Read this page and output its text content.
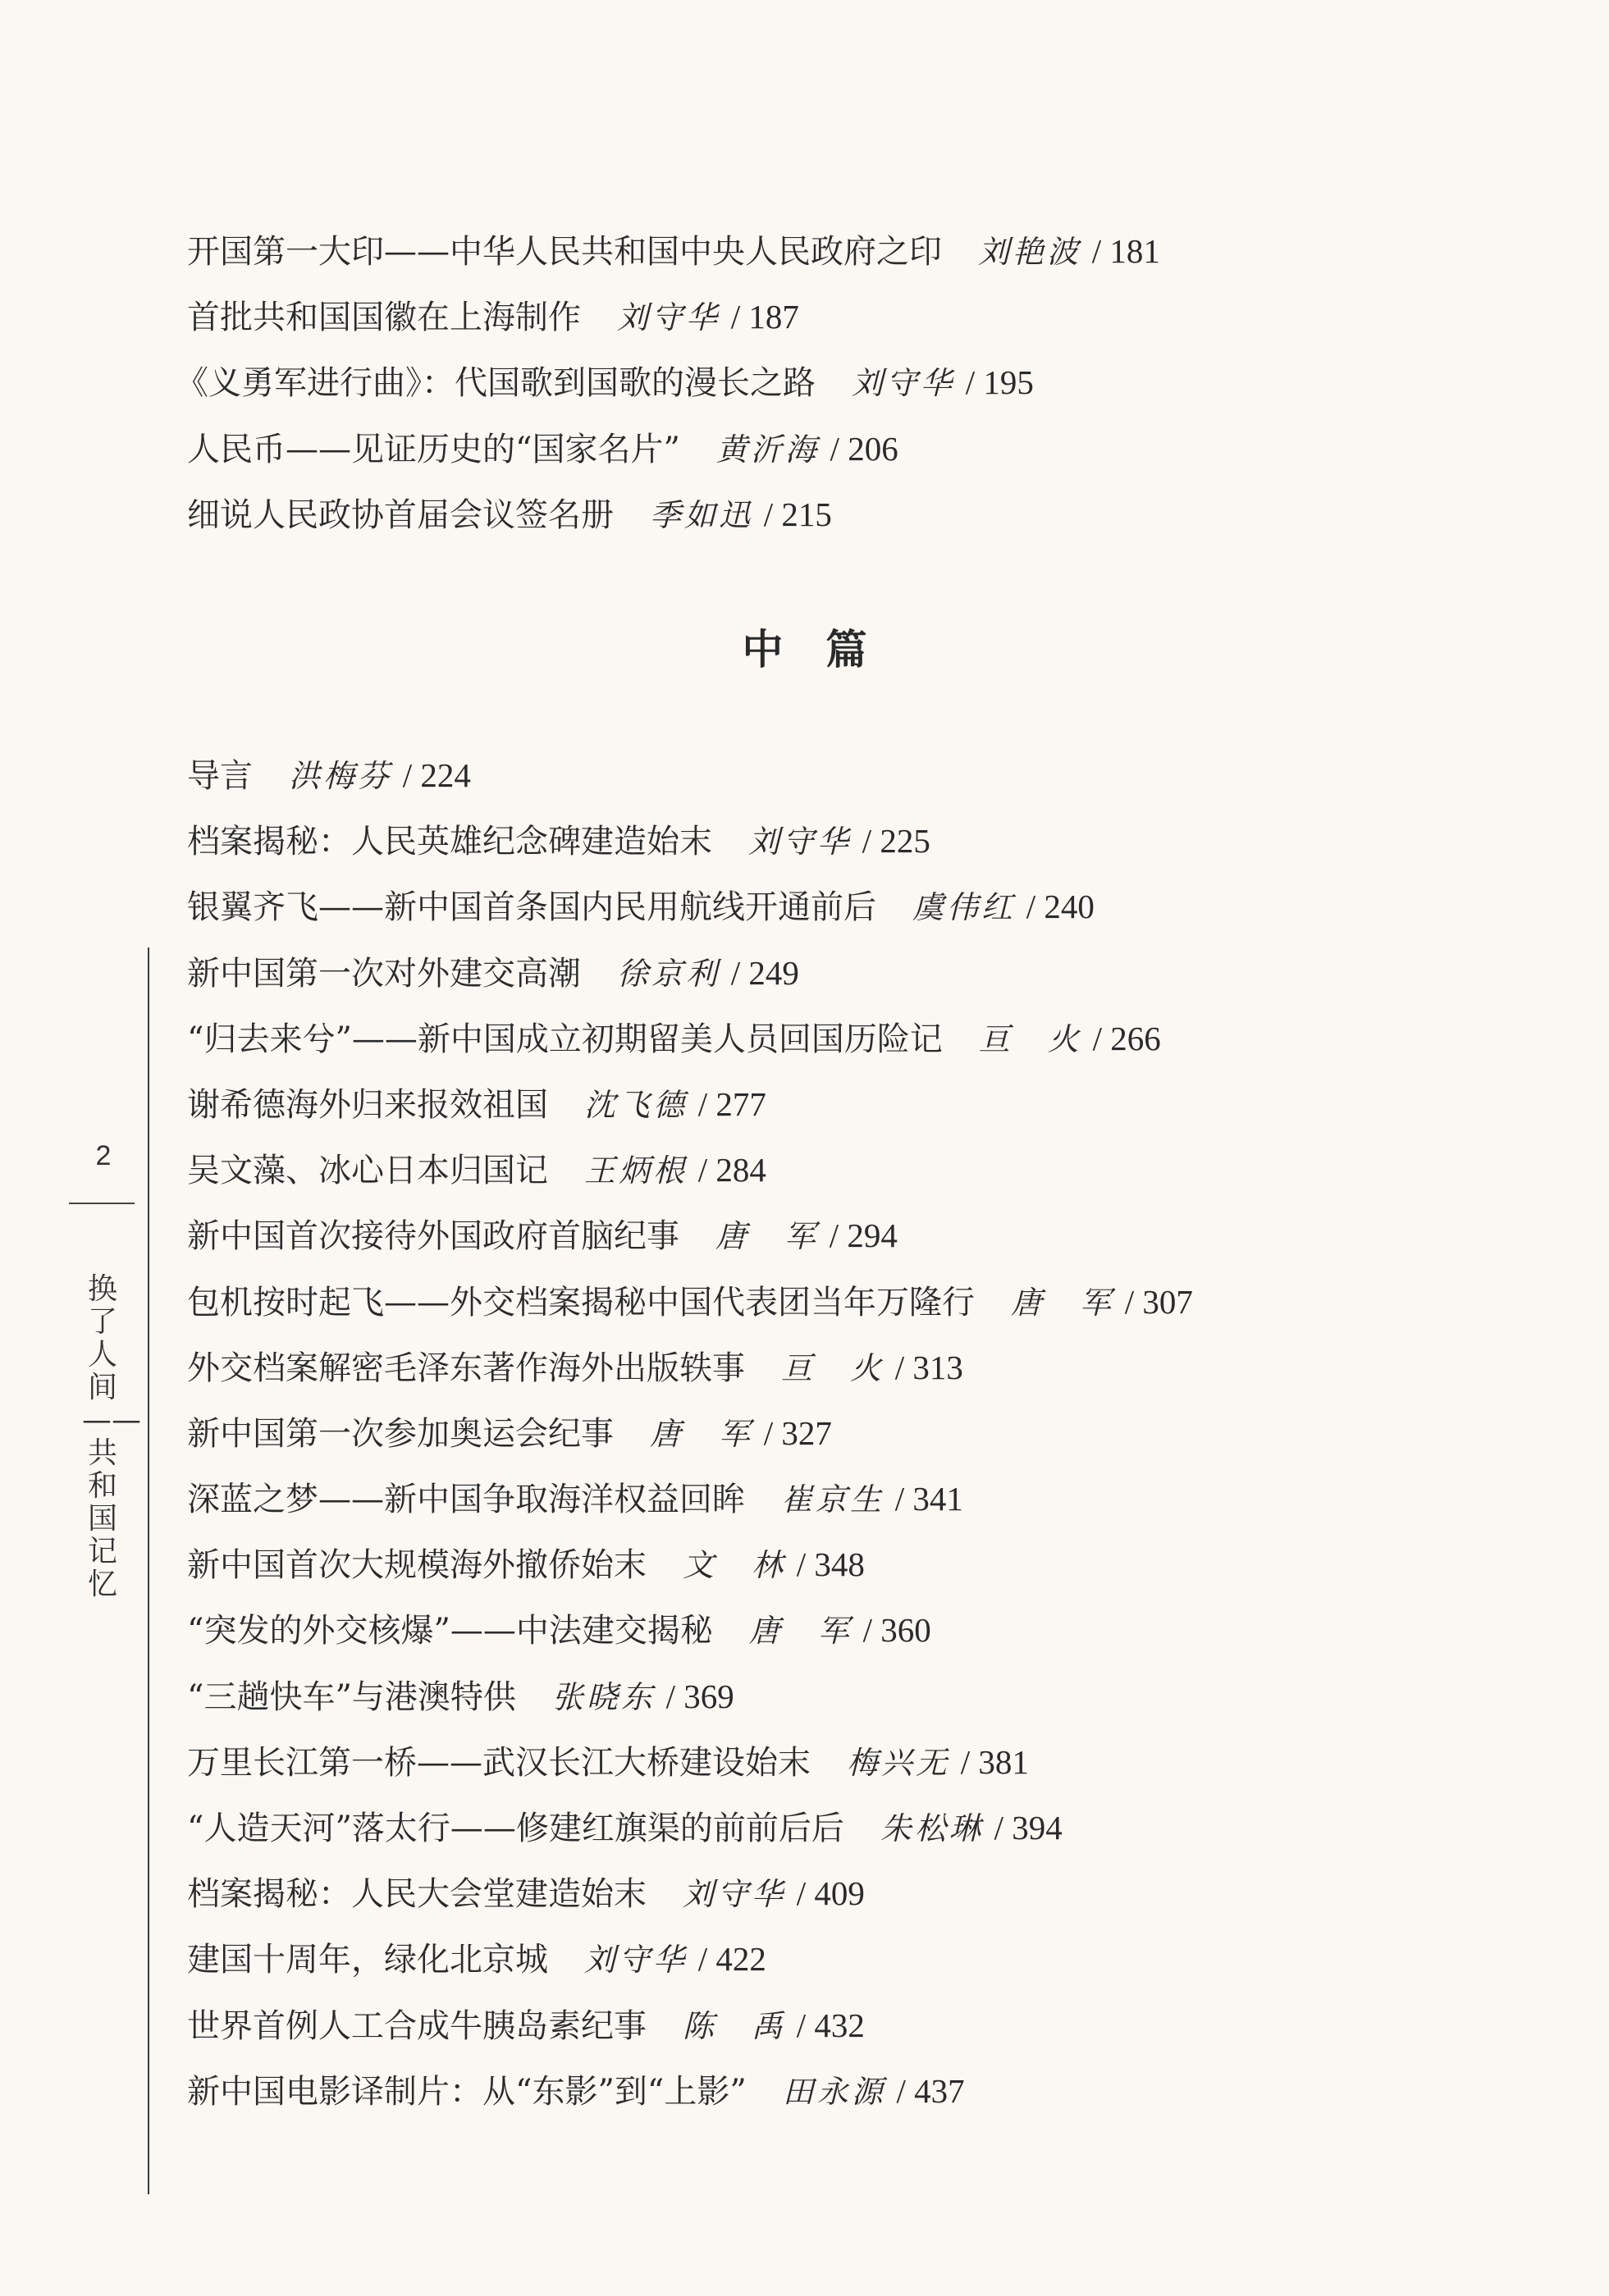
开国第一大印——中华人民共和国中央人民政府之印 刘艳波 / 181
首批共和国国徽在上海制作 刘守华 / 187
《义勇军进行曲》：代国歌到国歌的漫长之路 刘守华 / 195
人民币——见证历史的“国家名片” 黄沂海 / 206
细说人民政协首届会议签名册 季如迅 / 215
中篇
导言 洪梅芬 / 224
档案揭秘：人民英雄纪念碑建造始末 刘守华 / 225
银翼齐飞——新中国首条国内民用航线开通前后 虞伟红 / 240
新中国第一次对外建交高潮 徐京利 / 249
“归去来兮”——新中国成立初期留美人员回国历险记 亘　火 / 266
谢希德海外归来报效祖国 沈飞德 / 277
吴文藻、冰心日本归国记 王炳根 / 284
新中国首次接待外国政府首脑纪事 唐　军 / 294
包机按时起飞——外交档案揭秘中国代表团当年万隆行 唐　军 / 307
外交档案解密毛泽东著作海外出版轶事 亘　火 / 313
新中国第一次参加奥运会纪事 唐　军 / 327
深蓝之梦——新中国争取海洋权益回眸 崔京生 / 341
新中国首次大规模海外撤侨始末 文　林 / 348
“突发的外交核爆”——中法建交揭秘 唐　军 / 360
“三趟快车”与港澳特供 张晓东 / 369
万里长江第一桥——武汉长江大桥建设始末 梅兴无 / 381
“人造天河”落太行——修建红旗渠的前前后后 朱松琳 / 394
档案揭秘：人民大会堂建造始末 刘守华 / 409
建国十周年，绿化北京城 刘守华 / 422
世界首例人工合成牛胰岛素纪事 陈　禹 / 432
新中国电影译制片：从“东影”到“上影” 田永源 / 437
2
换了人间——共和国记忆
